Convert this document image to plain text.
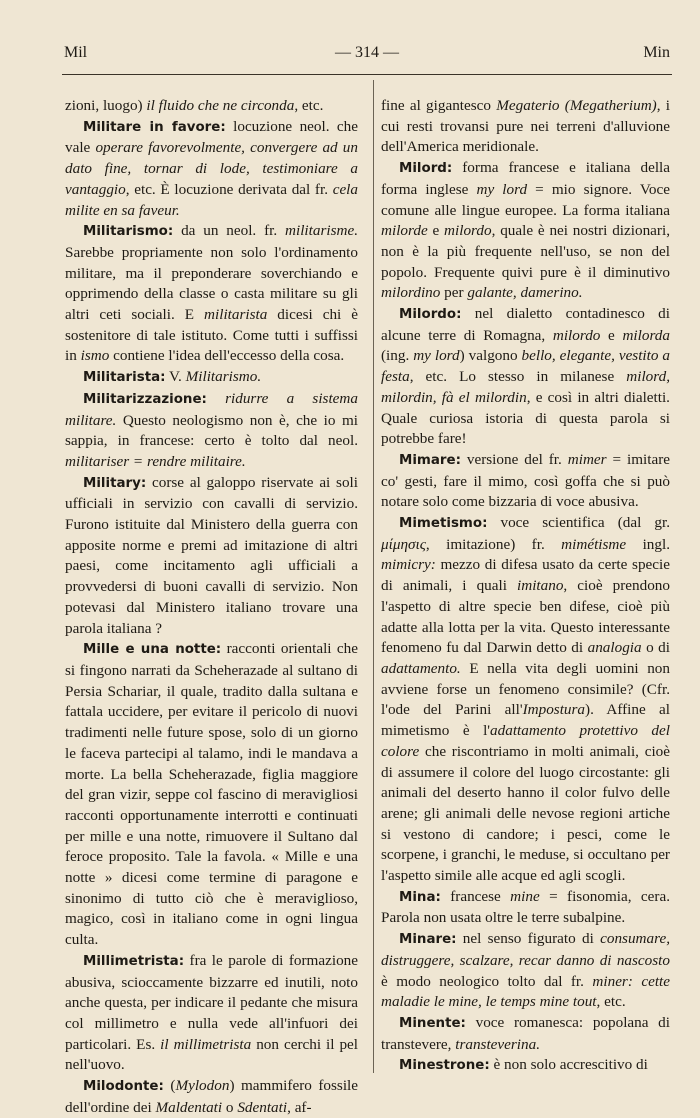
Mil	— 314 —	Min

zioni, luogo) il fluido che ne circonda, etc.

Militare in favore: locuzione neol. che vale operare favorevolmente, convergere ad un dato fine, tornar di lode, testimoniare a vantaggio, etc. È locuzione derivata dal fr. cela milite en sa faveur.

Militarismo: da un neol. fr. militarisme. Sarebbe propriamente non solo l'ordinamento militare, ma il preponderare soverchiando e opprimendo della classe o casta militare su gli altri ceti sociali. E militarista dicesi chi è sostenitore di tale istituto. Come tutti i suffissi in ismo contiene l'idea dell'eccesso della cosa.

Militarista: V. Militarismo.

Militarizzazione: ridurre a sistema militare. Questo neologismo non è, che io mi sappia, in francese: certo è tolto dal neol. militariser = rendre militaire.

Military: corse al galoppo riservate ai soli ufficiali in servizio con cavalli di servizio. Furono istituite dal Ministero della guerra con apposite norme e premi ad imitazione di altri paesi, come incitamento agli ufficiali a provvedersi di buoni cavalli di servizio. Non potevasi dal Ministero italiano trovare una parola italiana ?

Mille e una notte: racconti orientali che si fingono narrati da Scheherazade al sultano di Persia Schariar, il quale, tradito dalla sultana e fattala uccidere, per evitare il pericolo di nuovi tradimenti nelle future spose, solo di un giorno le faceva partecipi al talamo, indi le mandava a morte. La bella Scheherazade, figlia maggiore del gran vizir, seppe col fascino di meravigliosi racconti opportunamente interrotti e continuati per mille e una notte, rimuovere il Sultano dal feroce proposito. Tale la favola. « Mille e una notte » dicesi come termine di paragone e sinonimo di tutto ciò che è meraviglioso, magico, così in italiano come in ogni lingua culta.

Millimetrista: fra le parole di formazione abusiva, scioccamente bizzarre ed inutili, noto anche questa, per indicare il pedante che misura col millimetro e nulla vede all'infuori dei particolari. Es. il millimetrista non cerchi il pel nell'uovo.

Milodonte: (Mylodon) mammifero fossile dell'ordine dei Maldentati o Sdentati, af-

fine al gigantesco Megaterio (Megatherium), i cui resti trovansi pure nei terreni d'alluvione dell'America meridionale.

Milord: forma francese e italiana della forma inglese my lord = mio signore. Voce comune alle lingue europee. La forma italiana milorde e milordo, quale è nei nostri dizionari, non è la più frequente nell'uso, se non del popolo. Frequente quivi pure è il diminutivo milordino per galante, damerino.

Milordo: nel dialetto contadinesco di alcune terre di Romagna, milordo e milorda (ing. my lord) valgono bello, elegante, vestito a festa, etc. Lo stesso in milanese milord, milordin, fà el milordin, e così in altri dialetti. Quale curiosa istoria di questa parola si potrebbe fare!

Mimare: versione del fr. mimer = imitare co' gesti, fare il mimo, così goffa che si può notare solo come bizzaria di voce abusiva.

Mimetismo: voce scientifica (dal gr. μίμησις, imitazione) fr. mimétisme ingl. mimicry: mezzo di difesa usato da certe specie di animali, i quali imitano, cioè prendono l'aspetto di altre specie ben difese, cioè più adatte alla lotta per la vita. Questo interessante fenomeno fu dal Darwin detto di analogia o di adattamento. E nella vita degli uomini non avviene forse un fenomeno consimile? (Cfr. l'ode del Parini all'Impostura). Affine al mimetismo è l'adattamento protettivo del colore che riscontriamo in molti animali, cioè di assumere il colore del luogo circostante: gli animali del deserto hanno il color fulvo delle arene; gli animali delle nevose regioni artiche si vestono di candore; i pesci, come le scorpene, i granchi, le meduse, si occultano per l'aspetto simile alle acque ed agli scogli.

Mina: francese mine = fisonomia, cera. Parola non usata oltre le terre subalpine.

Minare: nel senso figurato di consumare, distruggere, scalzare, recar danno di nascosto è modo neologico tolto dal fr. miner: cette maladie le mine, le temps mine tout, etc.

Minente: voce romanesca: popolana di transtevere, transteverina.

Minestrone: è non solo accrescitivo di
